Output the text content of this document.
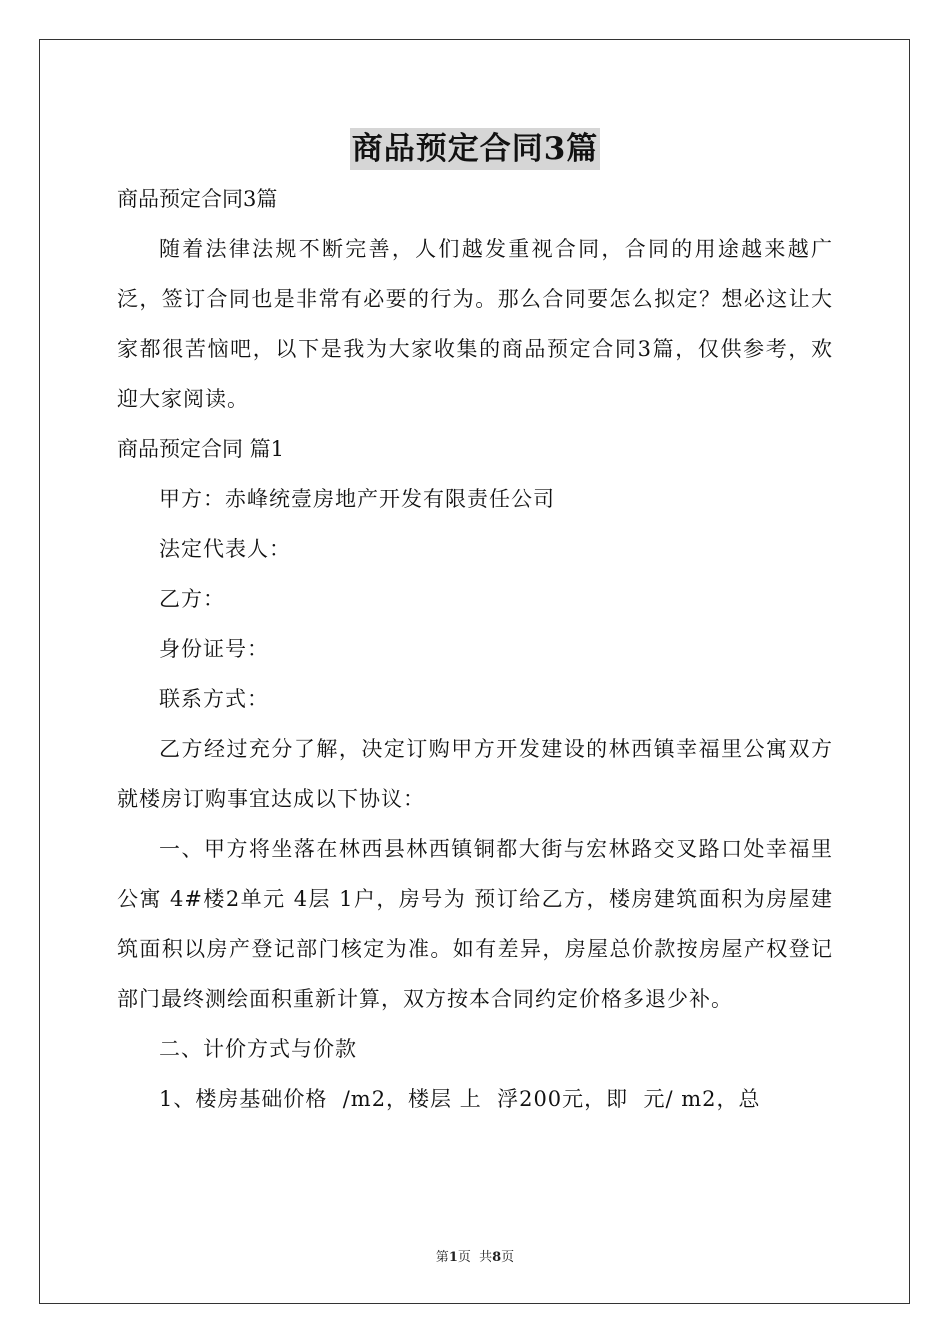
商品预定合同3篇

商品预定合同3篇

随着法律法规不断完善，人们越发重视合同，合同的用途越来越广泛，签订合同也是非常有必要的行为。那么合同要怎么拟定？想必这让大家都很苦恼吧，以下是我为大家收集的商品预定合同3篇，仅供参考，欢迎大家阅读。

商品预定合同 篇1

甲方：赤峰统壹房地产开发有限责任公司

法定代表人：

乙方：

身份证号：

联系方式：

乙方经过充分了解，决定订购甲方开发建设的林西镇幸福里公寓双方就楼房订购事宜达成以下协议：

一、甲方将坐落在林西县林西镇铜都大街与宏林路交叉路口处幸福里公寓 4#楼2单元 4层 1户，房号为 预订给乙方，楼房建筑面积为房屋建筑面积以房产登记部门核定为准。如有差异，房屋总价款按房屋产权登记部门最终测绘面积重新计算，双方按本合同约定价格多退少补。

二、计价方式与价款

1、楼房基础价格  /m2，楼层 上  浮200元，即  元/ m2，总

第1页  共8页
